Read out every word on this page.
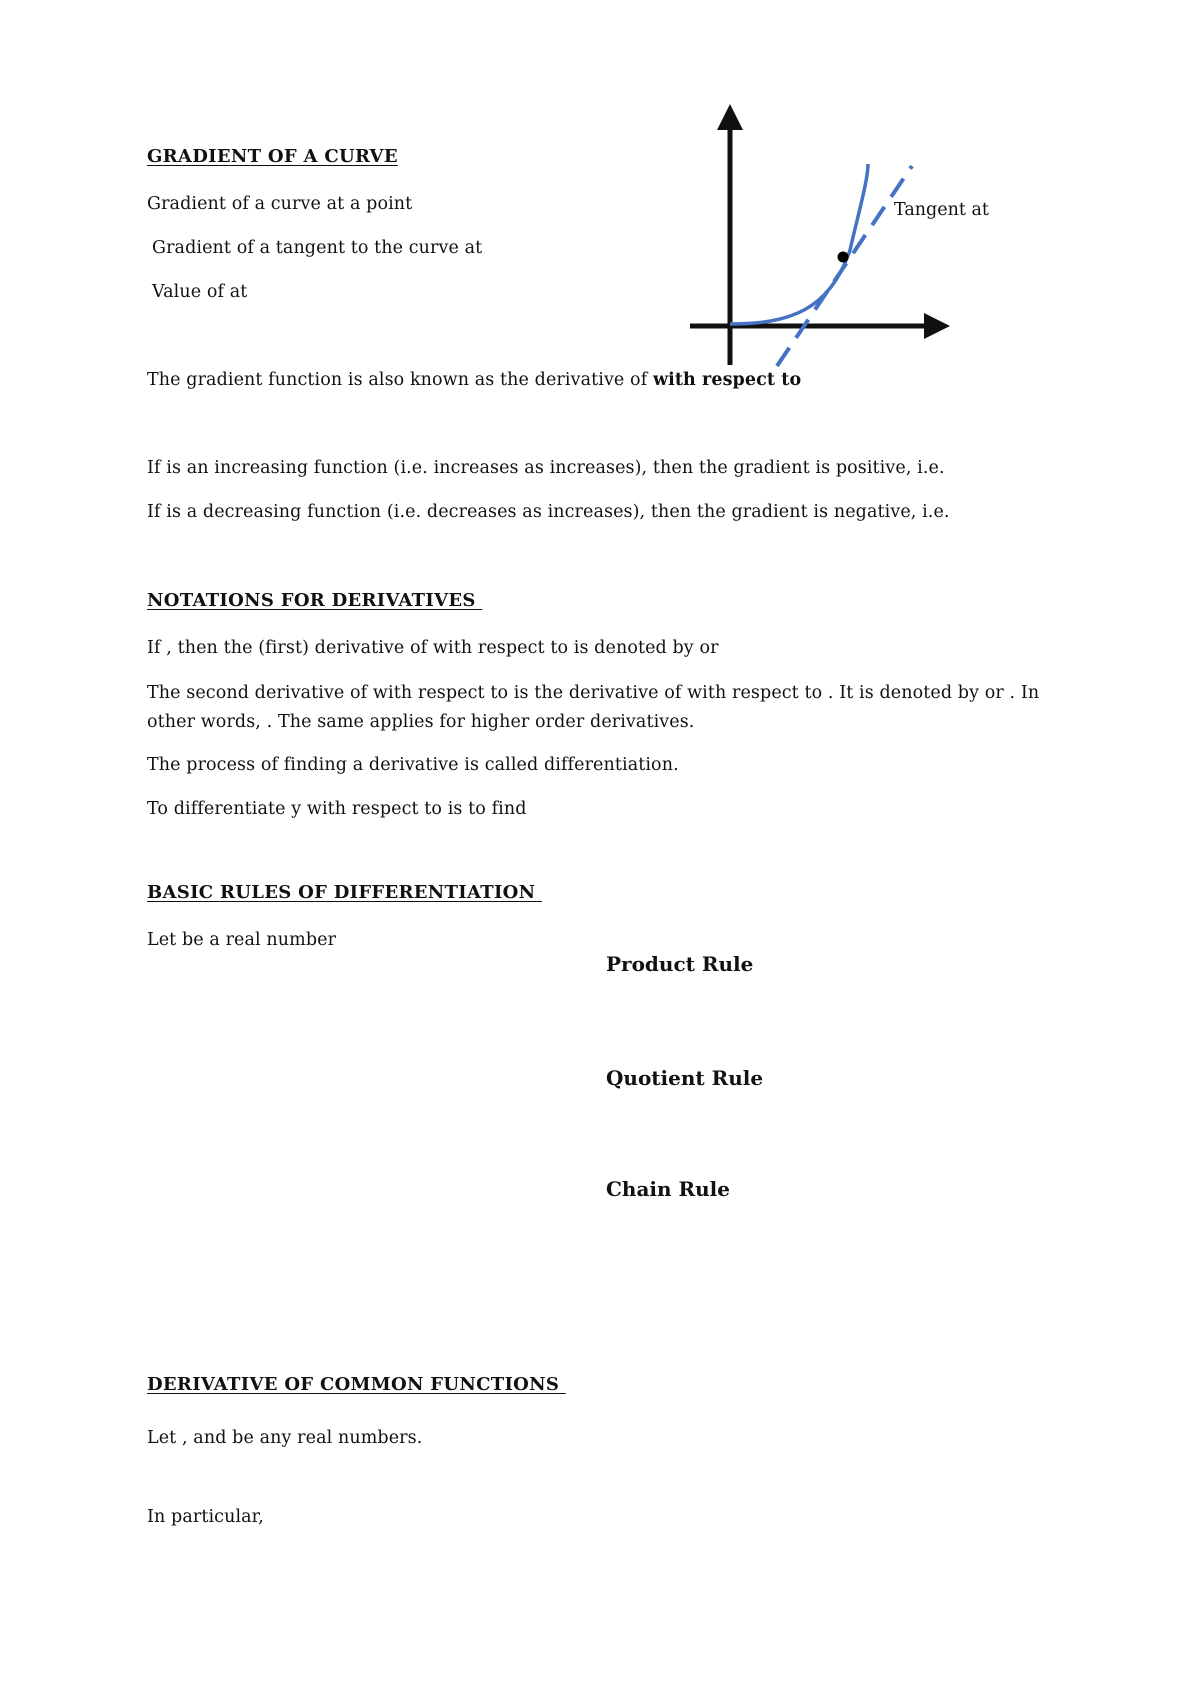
GRADIENT OF A CURVE
Gradient of a curve at a point
Gradient of a tangent to the curve at
Value of at
The gradient function is also known as the derivative of with respect to
If is an increasing function (i.e. increases as increases), then the gradient is positive, i.e.
If is a decreasing function (i.e. decreases as increases), then the gradient is negative, i.e.
Tangent at
NOTATIONS FOR DERIVATIVES
If , then the (first) derivative of with respect to is denoted by or
The second derivative of with respect to is the derivative of with respect to . It is denoted by or . In other words, . The same applies for higher order derivatives.
The process of finding a derivative is called differentiation.
To differentiate y with respect to is to find
BASIC RULES OF DIFFERENTIATION
Let be a real number
Product Rule
Quotient Rule
Chain Rule
DERIVATIVE OF COMMON FUNCTIONS
Let , and be any real numbers.
In particular,
